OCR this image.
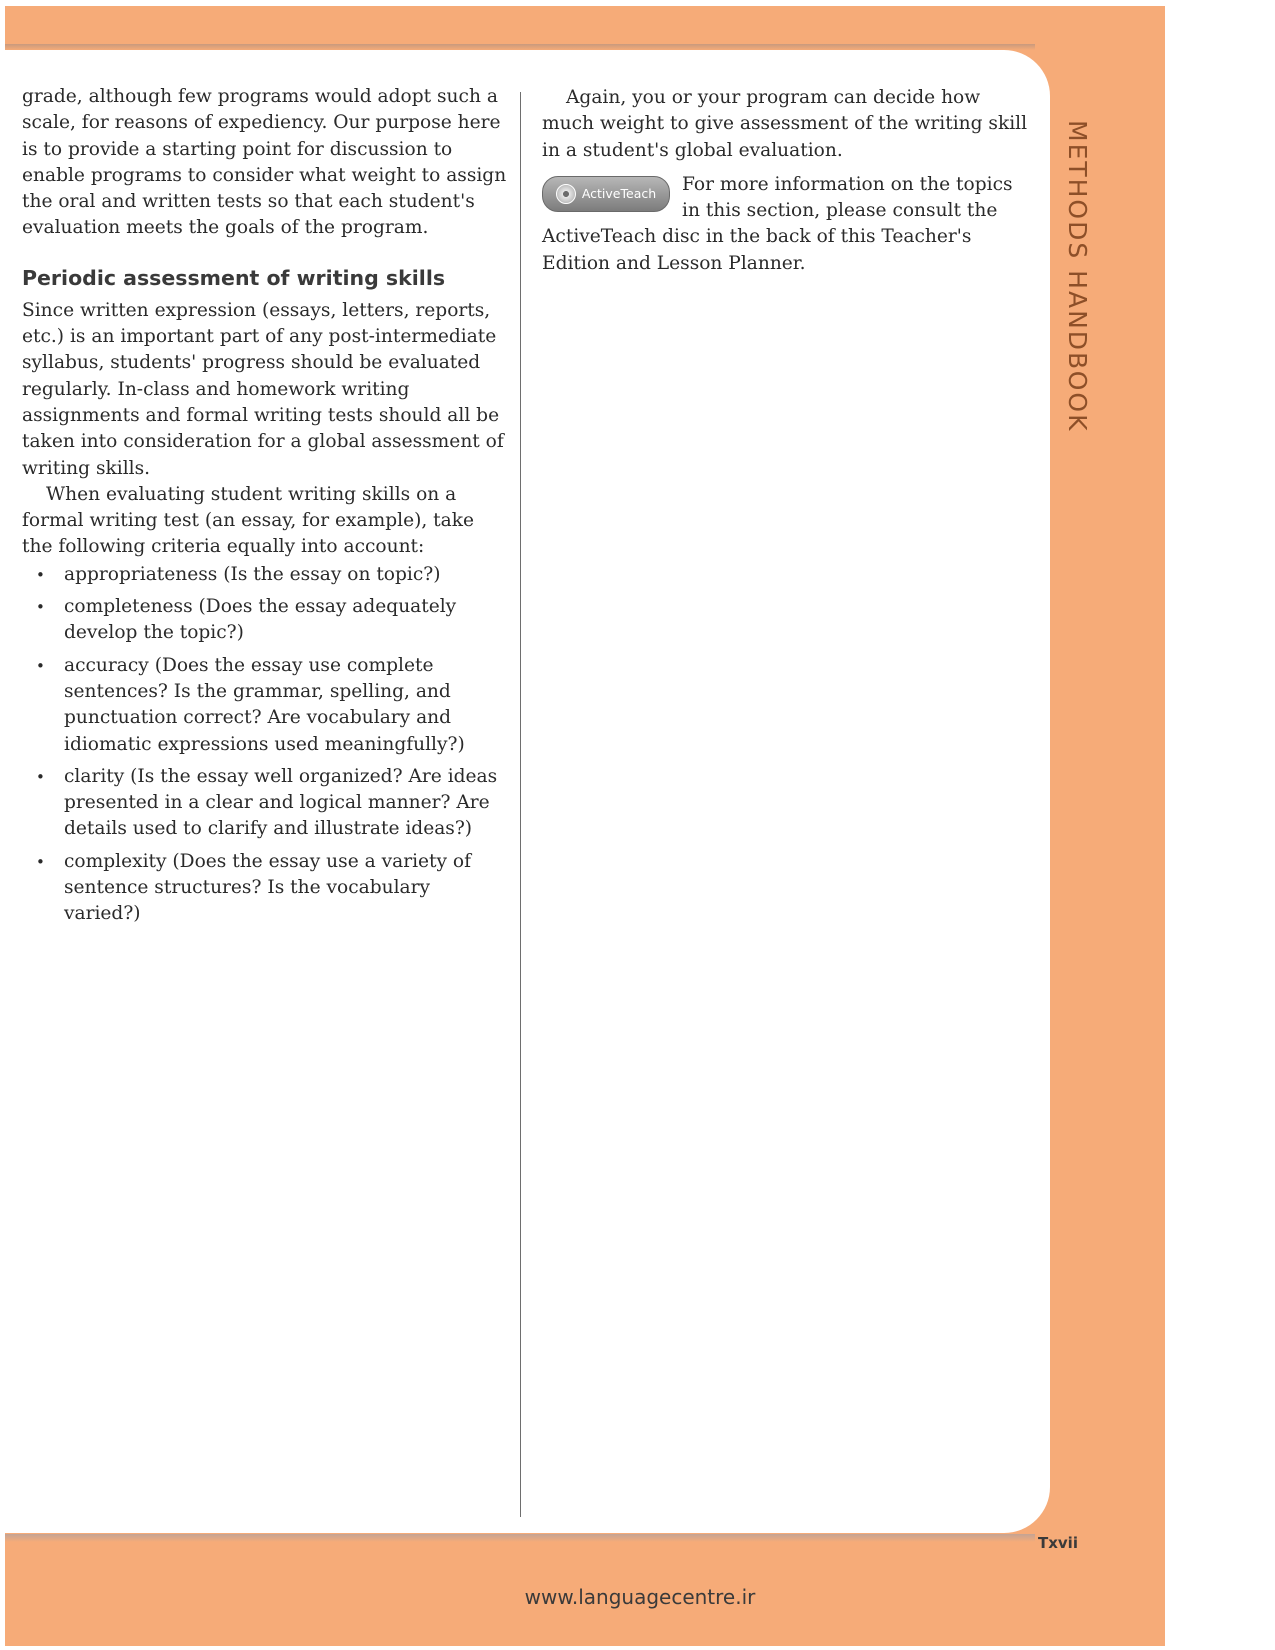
grade, although few programs would adopt such a scale, for reasons of expediency. Our purpose here is to provide a starting point for discussion to enable programs to consider what weight to assign the oral and written tests so that each student's evaluation meets the goals of the program.

Periodic assessment of writing skills

Since written expression (essays, letters, reports, etc.) is an important part of any post-intermediate syllabus, students' progress should be evaluated regularly. In-class and homework writing assignments and formal writing tests should all be taken into consideration for a global assessment of writing skills.

When evaluating student writing skills on a formal writing test (an essay, for example), take the following criteria equally into account:

• appropriateness (Is the essay on topic?)
• completeness (Does the essay adequately develop the topic?)
• accuracy (Does the essay use complete sentences? Is the grammar, spelling, and punctuation correct? Are vocabulary and idiomatic expressions used meaningfully?)
• clarity (Is the essay well organized? Are ideas presented in a clear and logical manner? Are details used to clarify and illustrate ideas?)
• complexity (Does the essay use a variety of sentence structures? Is the vocabulary varied?)

Again, you or your program can decide how much weight to give assessment of the writing skill in a student's global evaluation.

ActiveTeach	For more information on the topics in this section, please consult the ActiveTeach disc in the back of this Teacher's Edition and Lesson Planner.	METHODS HANDBOOK
Txvii
www.languagecentre.ir
